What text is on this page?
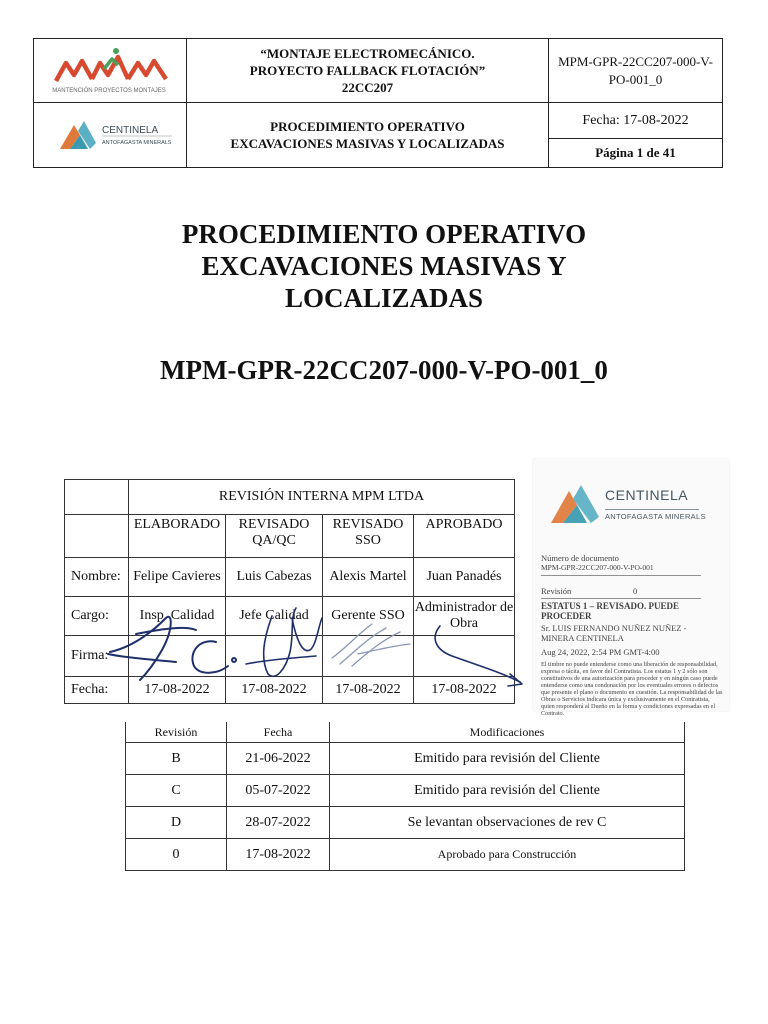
MANTENCIÓN PROYECTOS MONTAJES
“MONTAJE ELECTROMECÁNICO.
PROYECTO FALLBACK FLOTACIÓN”
22CC207
MPM-GPR-22CC207-000-V-
PO-001_0
CENTINELA
ANTOFAGASTA MINERALS
PROCEDIMIENTO OPERATIVO
EXCAVACIONES MASIVAS Y LOCALIZADAS
Fecha: 17-08-2022
Página 1 de 41
PROCEDIMIENTO OPERATIVO
EXCAVACIONES MASIVAS Y
LOCALIZADAS
MPM-GPR-22CC207-000-V-PO-001_0
	REVISIÓN INTERNA MPM LTDA			
	ELABORADO	REVISADO QA/QC	REVISADO SSO	APROBADO
Nombre:	Felipe Cavieres	Luis Cabezas	Alexis Martel	Juan Panadés
Cargo:	Insp. Calidad	Jefe Calidad	Gerente SSO	Administrador de Obra
Firma:				
Fecha:	17-08-2022	17-08-2022	17-08-2022	17-08-2022
Revisión	Fecha	Modificaciones
B	21-06-2022	Emitido para revisión del Cliente
C	05-07-2022	Emitido para revisión del Cliente
D	28-07-2022	Se levantan observaciones de rev C
0	17-08-2022	Aprobado para Construcción
CENTINELA
ANTOFAGASTA MINERALS
Número de documento
MPM-GPR-22CC207-000-V-PO-001
Revisión	0
ESTATUS 1 – REVISADO. PUEDE PROCEDER
Sr. LUIS FERNANDO NUÑEZ NUÑEZ - MINERA CENTINELA
Aug 24, 2022, 2:54 PM GMT-4:00
El timbre no puede entenderse como una liberación de responsabilidad, expresa o tácita, en favor del Contratista. Los estatus 1 y 2 sólo son constitutivos de una autorización para proceder y en ningún caso puede entenderse como una condonación por los eventuales errores o defectos que presente el plano o documento en cuestión. La responsabilidad de las Obras o Servicios indicara única y exclusivamente en el Contratista, quien responderá al Dueño en la forma y condiciones expresadas en el Contrato.
